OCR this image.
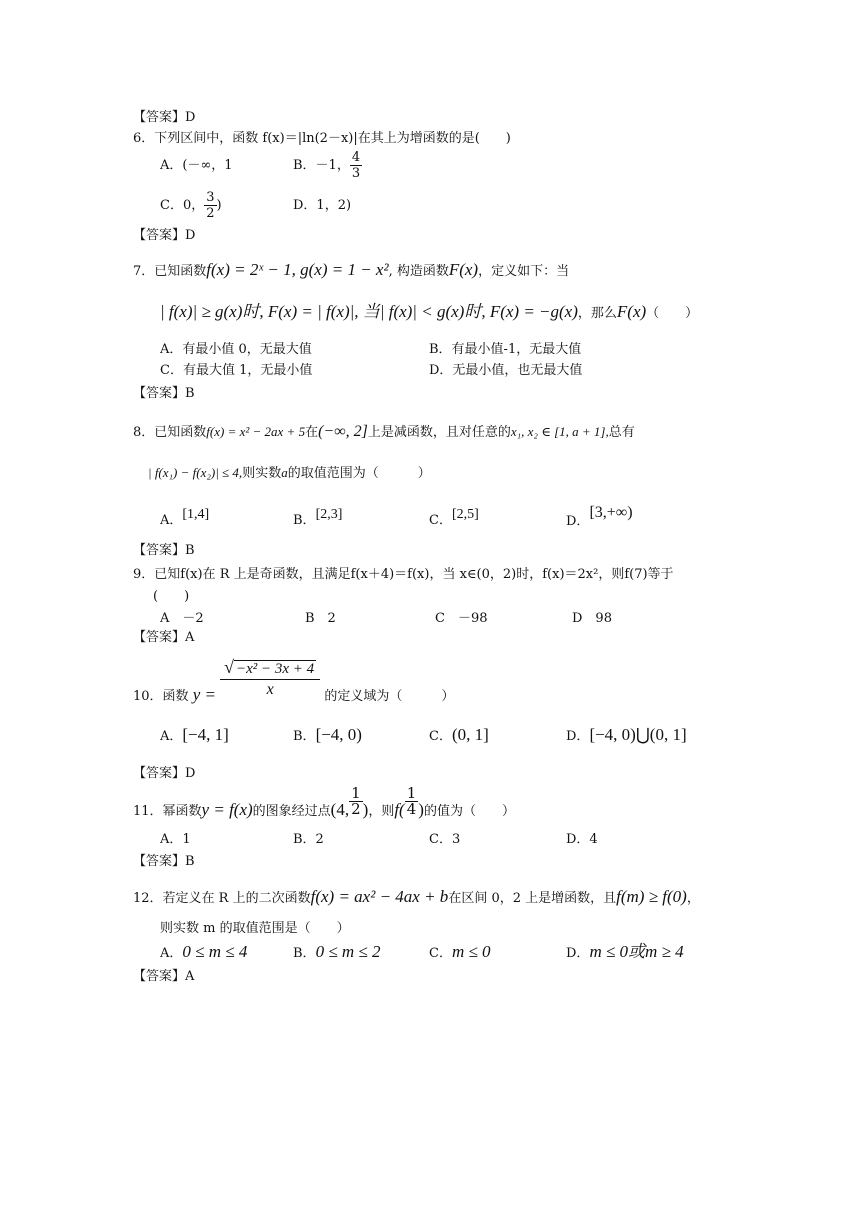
【答案】D
6．下列区间中，函数 f(x)＝|ln(2－x)|在其上为增函数的是(　　)
A．(－∞，1	B．－1， $\frac{4}{3}$
C．0， $\frac{3}{2}$ )	D．1，2)
【答案】D
7．已知函数f(x) = 2ˣ − 1, g(x) = 1 − x², 构造函数F(x)，定义如下：当
| f(x)| ≥ g(x)时, F(x) = | f(x)|, 当| f(x)| < g(x)时, F(x) = −g(x)，那么F(x)（　　）
A．有最小值 0，无最大值	B．有最小值-1，无最大值
C．有最大值 1，无最小值	D．无最小值，也无最大值
【答案】B
8．已知函数f(x) = x² − 2ax + 5在(−∞, 2]上是减函数，且对任意的x₁, x₂ ∈ [1, a + 1],总有
| f(x₁) − f(x₂)| ≤ 4,则实数a的取值范围为（　　　）
A．[1,4]	B．[2,3]	C．[2,5]	D．[3,+∞)
【答案】B
9．已知f(x)在 R 上是奇函数，且满足f(x＋4)＝f(x)，当 x∈(0，2)时，f(x)＝2x²，则f(7)等于
(　　)
A　－2	B　2	C　－98	D　98
【答案】A
10．函数 $y = \frac{\text{√ −x² − 3x + 4}}{x}$ 的定义域为（　　　）
A．[−4, 1]	B．[−4, 0)	C．(0, 1]	D．[−4, 0)⋃(0, 1]
【答案】D
11．幂函数y = f(x)的图象经过点(4, $\frac{1}{2}$ )，则$f( \frac{1}{4}$ )的值为（　　）
A．1	B．2	C．3	D．4
【答案】B
12．若定义在 R 上的二次函数f(x) = ax² − 4ax + b在区间 0，2 上是增函数，且f(m) ≥ f(0)，
则实数 m 的取值范围是（　　）
A．0 ≤ m ≤ 4	B．0 ≤ m ≤ 2	C．m ≤ 0	D．m ≤ 0或m ≥ 4
【答案】A
